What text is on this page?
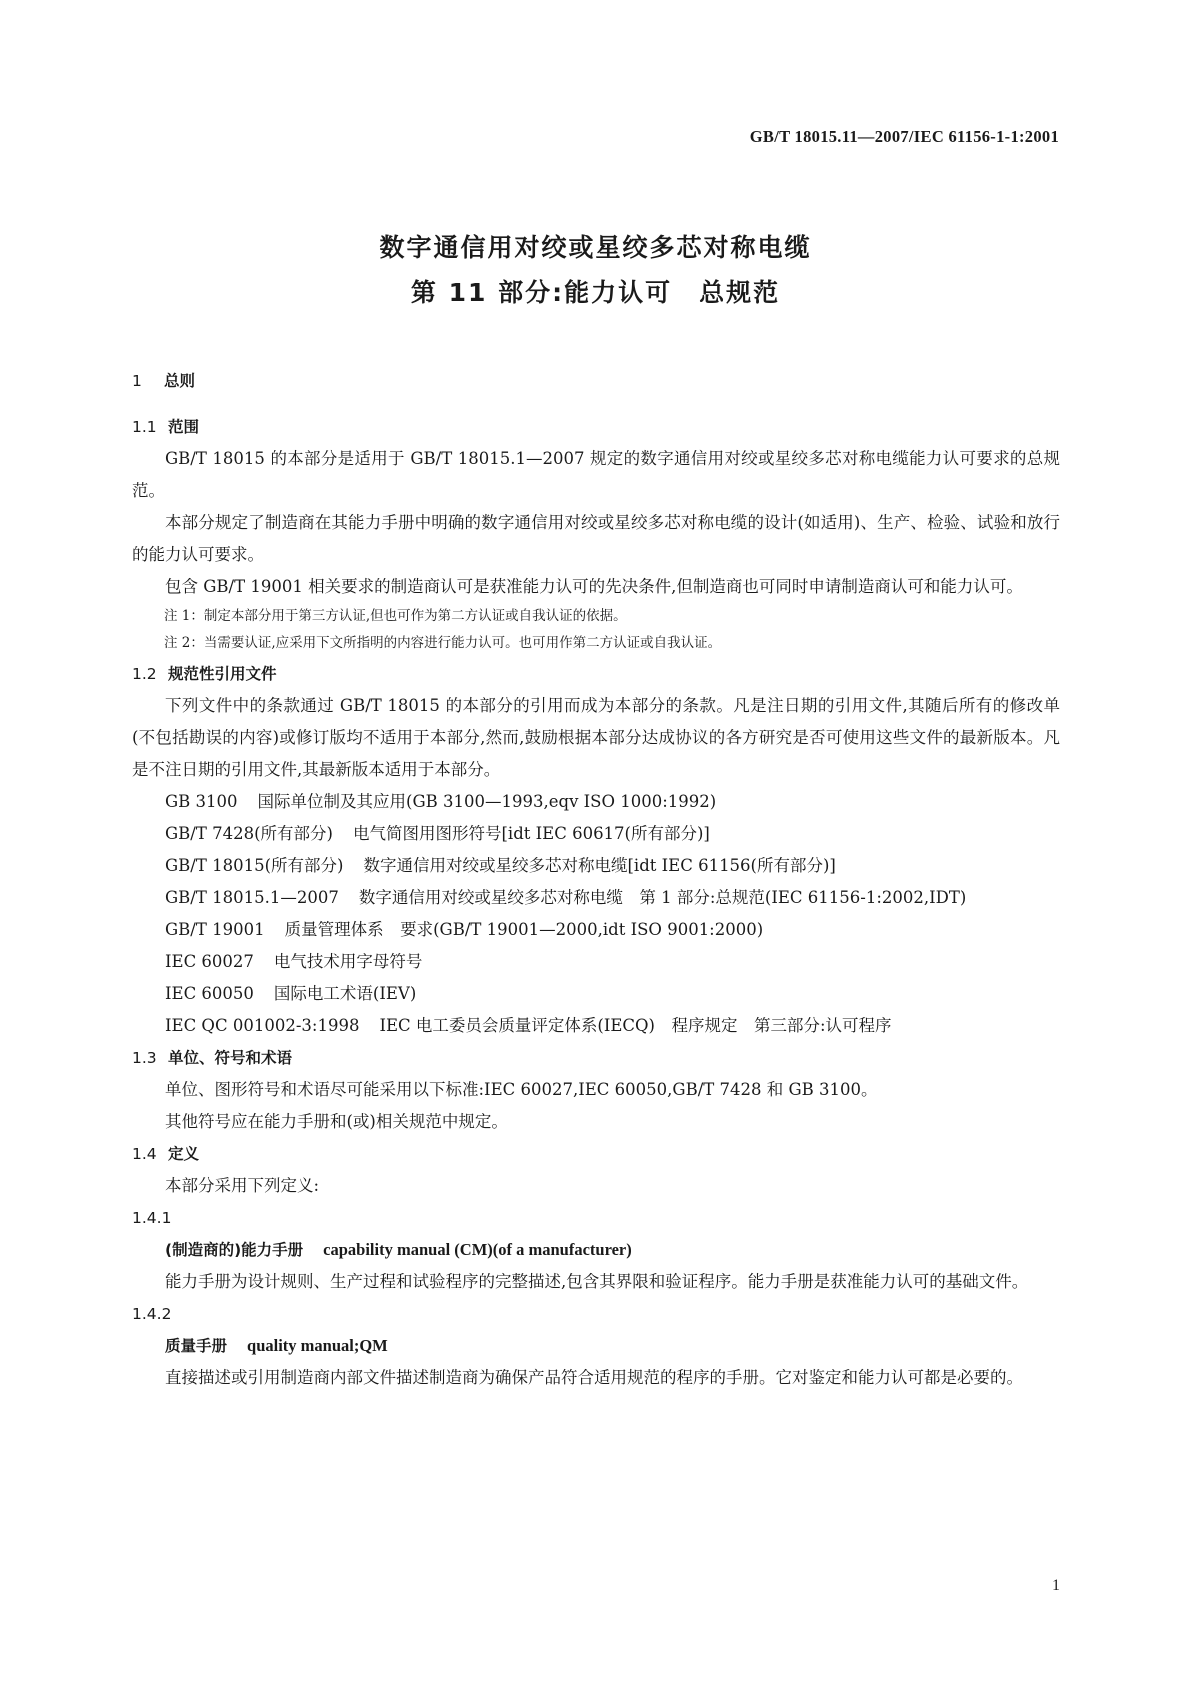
GB/T 18015.11—2007/IEC 61156-1-1:2001
数字通信用对绞或星绞多芯对称电缆
第 11 部分:能力认可　总规范
1 总则
1.1 范围

GB/T 18015 的本部分是适用于 GB/T 18015.1—2007 规定的数字通信用对绞或星绞多芯对称电缆能力认可要求的总规范。

本部分规定了制造商在其能力手册中明确的数字通信用对绞或星绞多芯对称电缆的设计(如适用)、生产、检验、试验和放行的能力认可要求。

包含 GB/T 19001 相关要求的制造商认可是获准能力认可的先决条件,但制造商也可同时申请制造商认可和能力认可。

注 1：制定本部分用于第三方认证,但也可作为第二方认证或自我认证的依据。
注 2：当需要认证,应采用下文所指明的内容进行能力认可。也可用作第二方认证或自我认证。
1.2 规范性引用文件

下列文件中的条款通过 GB/T 18015 的本部分的引用而成为本部分的条款。凡是注日期的引用文件,其随后所有的修改单(不包括勘误的内容)或修订版均不适用于本部分,然而,鼓励根据本部分达成协议的各方研究是否可使用这些文件的最新版本。凡是不注日期的引用文件,其最新版本适用于本部分。

GB 3100 国际单位制及其应用(GB 3100—1993,eqv ISO 1000:1992)

GB/T 7428(所有部分) 电气简图用图形符号[idt IEC 60617(所有部分)]

GB/T 18015(所有部分) 数字通信用对绞或星绞多芯对称电缆[idt IEC 61156(所有部分)]

GB/T 18015.1—2007 数字通信用对绞或星绞多芯对称电缆　第 1 部分:总规范(IEC 61156-1:2002,IDT)

GB/T 19001 质量管理体系　要求(GB/T 19001—2000,idt ISO 9001:2000)

IEC 60027 电气技术用字母符号

IEC 60050 国际电工术语(IEV)

IEC QC 001002-3:1998 IEC 电工委员会质量评定体系(IECQ)　程序规定　第三部分:认可程序

1.3 单位、符号和术语

单位、图形符号和术语尽可能采用以下标准:IEC 60027,IEC 60050,GB/T 7428 和 GB 3100。

其他符号应在能力手册和(或)相关规范中规定。

1.4 定义

本部分采用下列定义:

1.4.1

(制造商的)能力手册 capability manual (CM)(of a manufacturer)

能力手册为设计规则、生产过程和试验程序的完整描述,包含其界限和验证程序。能力手册是获准能力认可的基础文件。

1.4.2

质量手册 quality manual;QM

直接描述或引用制造商内部文件描述制造商为确保产品符合适用规范的程序的手册。它对鉴定和能力认可都是必要的。

1
